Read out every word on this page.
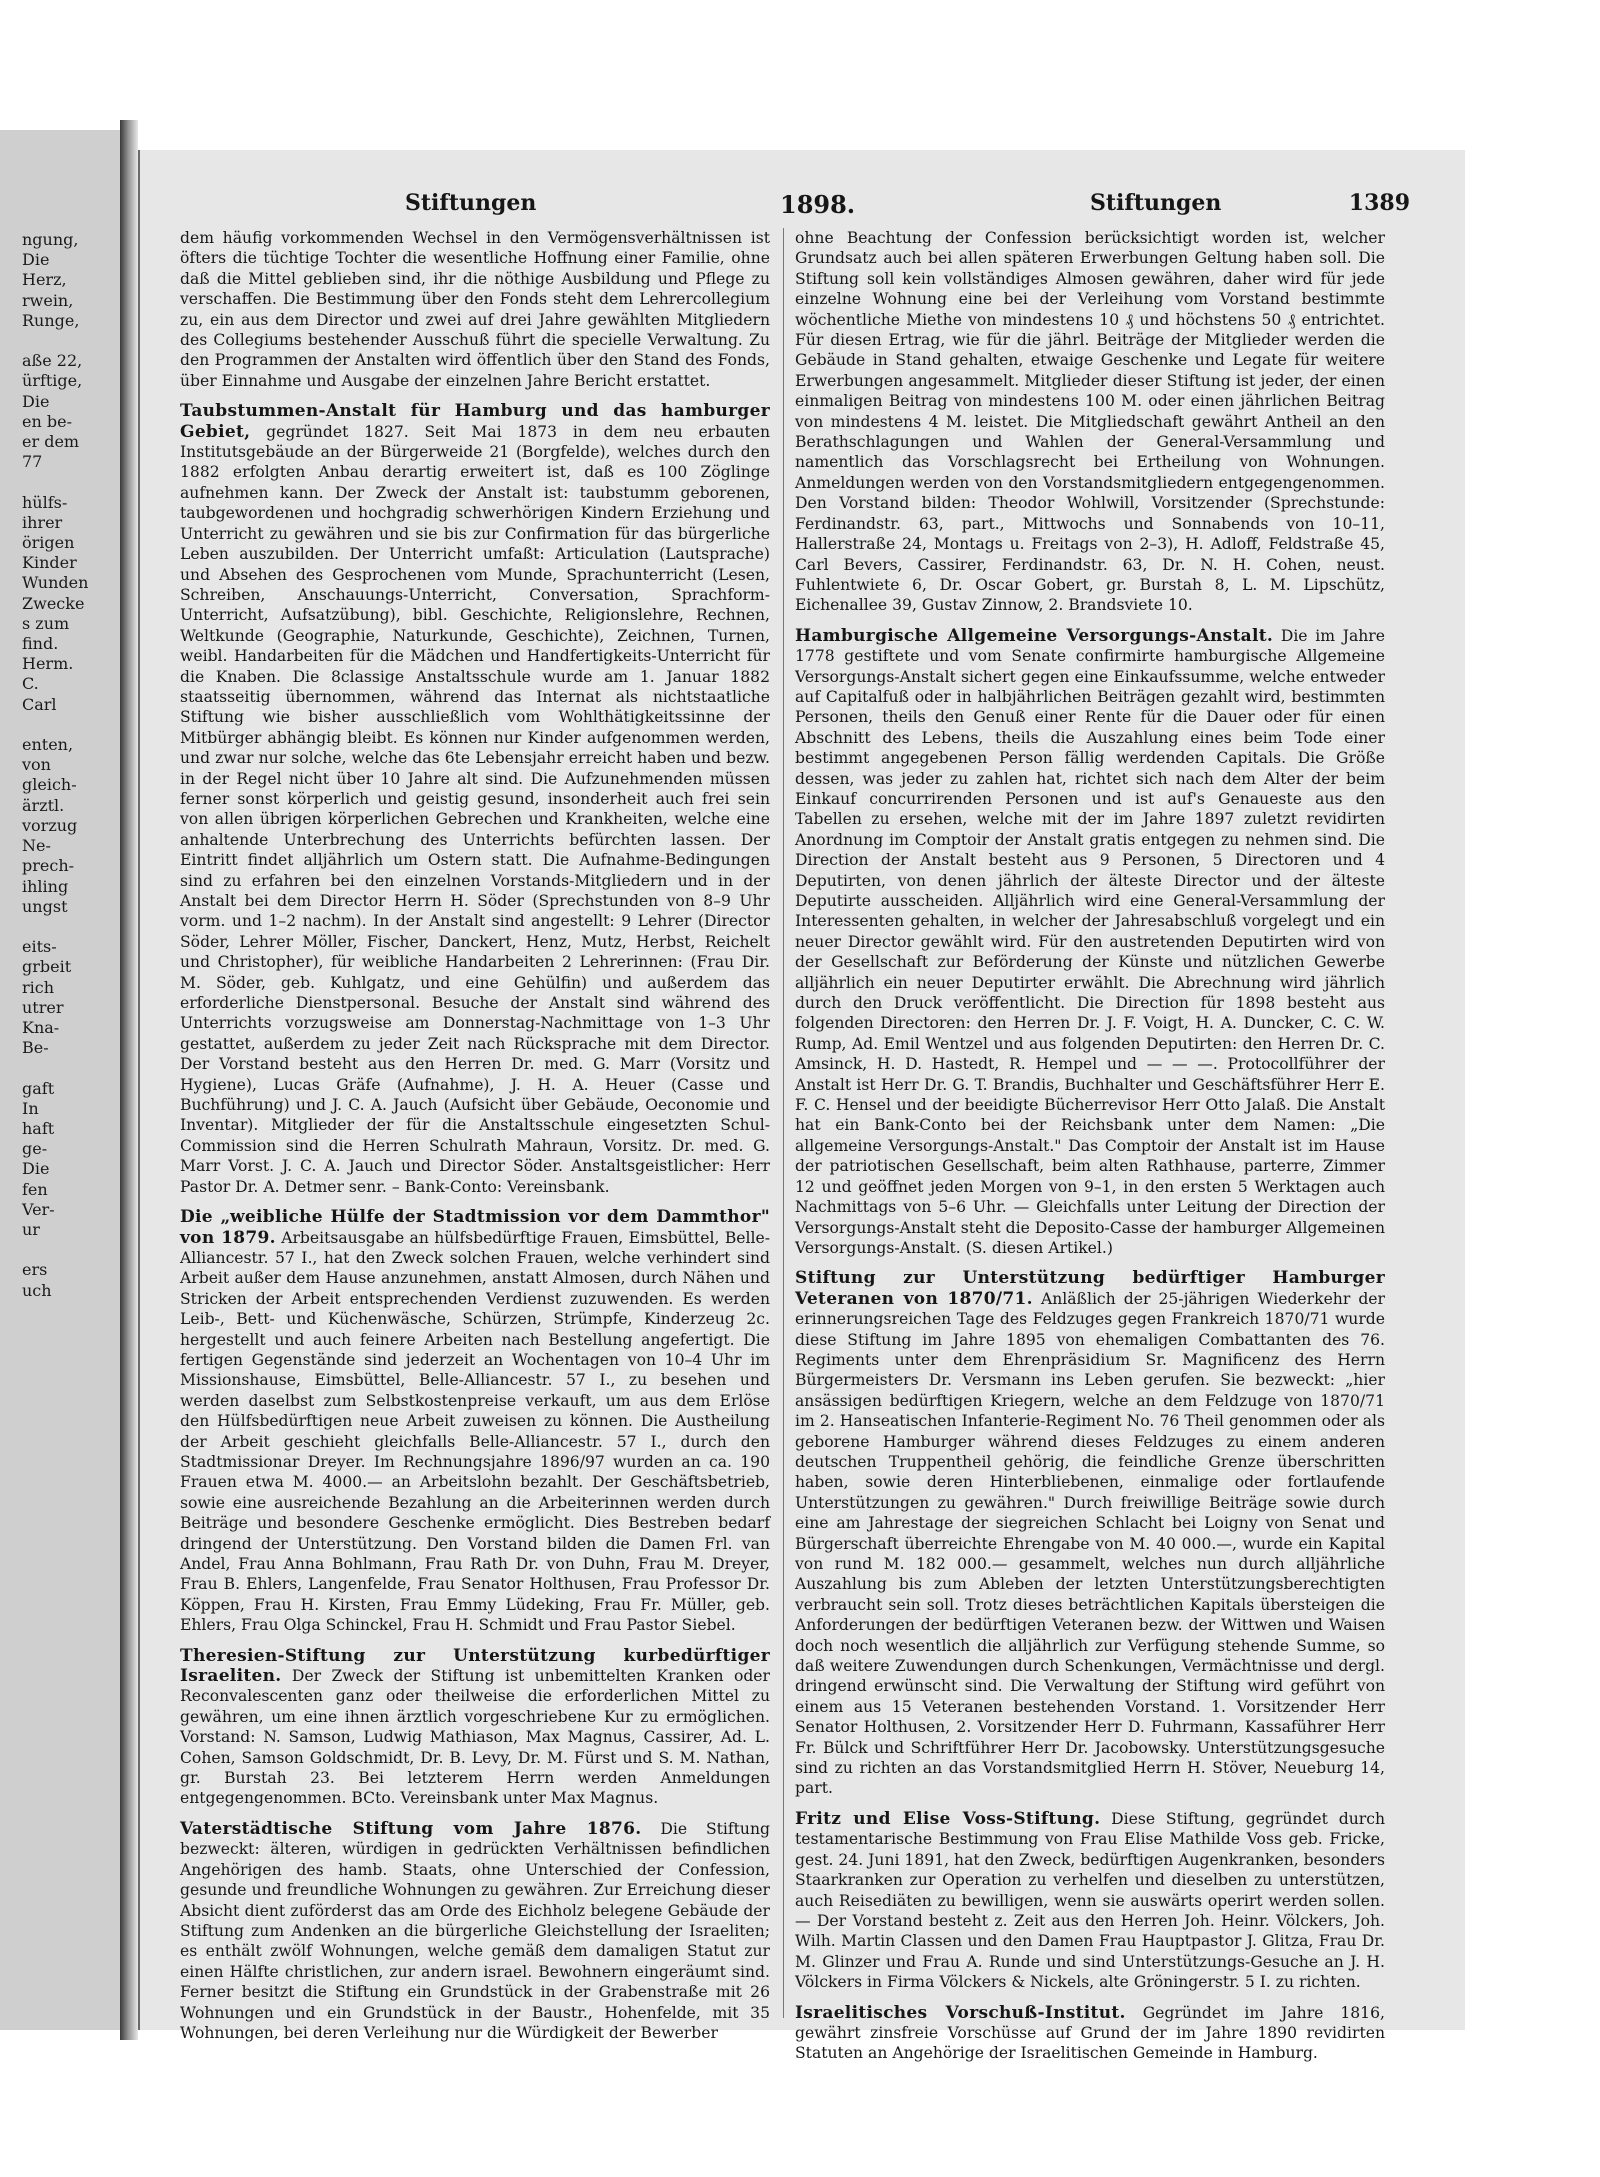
ngung,
Die
Herz,
rwein,
Runge,

aße 22,
ürftige,
Die
en be-
er dem
77

hülfs-
ihrer
örigen
Kinder
Wunden
Zwecke
s zum
find.
Herm.
C.
Carl

enten,
von
gleich-
ärztl.
vorzug
Ne-
prech-
ihling
ungst

eits-
grbeit
rich
utrer
Kna-
Be-

gaft
In
haft
ge-
Die
fen
Ver-
ur

ers
uch
Stiftungen	1898.	Stiftungen	1389

dem häufig vorkommenden Wechsel in den Vermögensverhältnissen ist öfters die tüchtige Tochter die wesentliche Hoffnung einer Familie, ohne daß die Mittel geblieben sind, ihr die nöthige Ausbildung und Pflege zu verschaffen. Die Bestimmung über den Fonds steht dem Lehrercollegium zu, ein aus dem Director und zwei auf drei Jahre gewählten Mitgliedern des Collegiums bestehender Ausschuß führt die specielle Verwaltung. Zu den Programmen der Anstalten wird öffentlich über den Stand des Fonds, über Einnahme und Ausgabe der einzelnen Jahre Bericht erstattet.

Taubstummen-Anstalt für Hamburg und das hamburger Gebiet, gegründet 1827. Seit Mai 1873 in dem neu erbauten Institutsgebäude an der Bürgerweide 21 (Borgfelde), welches durch den 1882 erfolgten Anbau derartig erweitert ist, daß es 100 Zöglinge aufnehmen kann. Der Zweck der Anstalt ist: taubstumm geborenen, taubgewordenen und hochgradig schwerhörigen Kindern Erziehung und Unterricht zu gewähren und sie bis zur Confirmation für das bürgerliche Leben auszubilden. Der Unterricht umfaßt: Articulation (Lautsprache) und Absehen des Gesprochenen vom Munde, Sprachunterricht (Lesen, Schreiben, Anschauungs-Unterricht, Conversation, Sprachform-Unterricht, Aufsatzübung), bibl. Geschichte, Religionslehre, Rechnen, Weltkunde (Geographie, Naturkunde, Geschichte), Zeichnen, Turnen, weibl. Handarbeiten für die Mädchen und Handfertigkeits-Unterricht für die Knaben. Die 8classige Anstaltsschule wurde am 1. Januar 1882 staatsseitig übernommen, während das Internat als nichtstaatliche Stiftung wie bisher ausschließlich vom Wohlthätigkeitssinne der Mitbürger abhängig bleibt. Es können nur Kinder aufgenommen werden, und zwar nur solche, welche das 6te Lebensjahr erreicht haben und bezw. in der Regel nicht über 10 Jahre alt sind. Die Aufzunehmenden müssen ferner sonst körperlich und geistig gesund, insonderheit auch frei sein von allen übrigen körperlichen Gebrechen und Krankheiten, welche eine anhaltende Unterbrechung des Unterrichts befürchten lassen. Der Eintritt findet alljährlich um Ostern statt. Die Aufnahme-Bedingungen sind zu erfahren bei den einzelnen Vorstands-Mitgliedern und in der Anstalt bei dem Director Herrn H. Söder (Sprechstunden von 8–9 Uhr vorm. und 1–2 nachm). In der Anstalt sind angestellt: 9 Lehrer (Director Söder, Lehrer Möller, Fischer, Danckert, Henz, Mutz, Herbst, Reichelt und Christopher), für weibliche Handarbeiten 2 Lehrerinnen: (Frau Dir. M. Söder, geb. Kuhlgatz, und eine Gehülfin) und außerdem das erforderliche Dienstpersonal. Besuche der Anstalt sind während des Unterrichts vorzugsweise am Donnerstag-Nachmittage von 1–3 Uhr gestattet, außerdem zu jeder Zeit nach Rücksprache mit dem Director. Der Vorstand besteht aus den Herren Dr. med. G. Marr (Vorsitz und Hygiene), Lucas Gräfe (Aufnahme), J. H. A. Heuer (Casse und Buchführung) und J. C. A. Jauch (Aufsicht über Gebäude, Oeconomie und Inventar). Mitglieder der für die Anstaltsschule eingesetzten Schul-Commission sind die Herren Schulrath Mahraun, Vorsitz. Dr. med. G. Marr Vorst. J. C. A. Jauch und Director Söder. Anstaltsgeistlicher: Herr Pastor Dr. A. Detmer senr. – Bank-Conto: Vereinsbank.

Die „weibliche Hülfe der Stadtmission vor dem Dammthor" von 1879. Arbeitsausgabe an hülfsbedürftige Frauen, Eimsbüttel, Belle-Alliancestr. 57 I., hat den Zweck solchen Frauen, welche verhindert sind Arbeit außer dem Hause anzunehmen, anstatt Almosen, durch Nähen und Stricken der Arbeit entsprechenden Verdienst zuzuwenden. Es werden Leib-, Bett- und Küchenwäsche, Schürzen, Strümpfe, Kinderzeug 2c. hergestellt und auch feinere Arbeiten nach Bestellung angefertigt. Die fertigen Gegenstände sind jederzeit an Wochentagen von 10–4 Uhr im Missionshause, Eimsbüttel, Belle-Alliancestr. 57 I., zu besehen und werden daselbst zum Selbstkostenpreise verkauft, um aus dem Erlöse den Hülfsbedürftigen neue Arbeit zuweisen zu können. Die Austheilung der Arbeit geschieht gleichfalls Belle-Alliancestr. 57 I., durch den Stadtmissionar Dreyer. Im Rechnungsjahre 1896/97 wurden an ca. 190 Frauen etwa M. 4000.— an Arbeitslohn bezahlt. Der Geschäftsbetrieb, sowie eine ausreichende Bezahlung an die Arbeiterinnen werden durch Beiträge und besondere Geschenke ermöglicht. Dies Bestreben bedarf dringend der Unterstützung. Den Vorstand bilden die Damen Frl. van Andel, Frau Anna Bohlmann, Frau Rath Dr. von Duhn, Frau M. Dreyer, Frau B. Ehlers, Langenfelde, Frau Senator Holthusen, Frau Professor Dr. Köppen, Frau H. Kirsten, Frau Emmy Lüdeking, Frau Fr. Müller, geb. Ehlers, Frau Olga Schinckel, Frau H. Schmidt und Frau Pastor Siebel.

Theresien-Stiftung zur Unterstützung kurbedürftiger Israeliten. Der Zweck der Stiftung ist unbemittelten Kranken oder Reconvalescenten ganz oder theilweise die erforderlichen Mittel zu gewähren, um eine ihnen ärztlich vorgeschriebene Kur zu ermöglichen. Vorstand: N. Samson, Ludwig Mathiason, Max Magnus, Cassirer, Ad. L. Cohen, Samson Goldschmidt, Dr. B. Levy, Dr. M. Fürst und S. M. Nathan, gr. Burstah 23. Bei letzterem Herrn werden Anmeldungen entgegengenommen. BCto. Vereinsbank unter Max Magnus.

Vaterstädtische Stiftung vom Jahre 1876. Die Stiftung bezweckt: älteren, würdigen in gedrückten Verhältnissen befindlichen Angehörigen des hamb. Staats, ohne Unterschied der Confession, gesunde und freundliche Wohnungen zu gewähren. Zur Erreichung dieser Absicht dient zuförderst das am Orde des Eichholz belegene Gebäude der Stiftung zum Andenken an die bürgerliche Gleichstellung der Israeliten; es enthält zwölf Wohnungen, welche gemäß dem damaligen Statut zur einen Hälfte christlichen, zur andern israel. Bewohnern eingeräumt sind. Ferner besitzt die Stiftung ein Grundstück in der Grabenstraße mit 26 Wohnungen und ein Grundstück in der Baustr., Hohenfelde, mit 35 Wohnungen, bei deren Verleihung nur die Würdigkeit der Bewerber

ohne Beachtung der Confession berücksichtigt worden ist, welcher Grundsatz auch bei allen späteren Erwerbungen Geltung haben soll. Die Stiftung soll kein vollständiges Almosen gewähren, daher wird für jede einzelne Wohnung eine bei der Verleihung vom Vorstand bestimmte wöchentliche Miethe von mindestens 10 ₰ und höchstens 50 ₰ entrichtet. Für diesen Ertrag, wie für die jährl. Beiträge der Mitglieder werden die Gebäude in Stand gehalten, etwaige Geschenke und Legate für weitere Erwerbungen angesammelt. Mitglieder dieser Stiftung ist jeder, der einen einmaligen Beitrag von mindestens 100 M. oder einen jährlichen Beitrag von mindestens 4 M. leistet. Die Mitgliedschaft gewährt Antheil an den Berathschlagungen und Wahlen der General-Versammlung und namentlich das Vorschlagsrecht bei Ertheilung von Wohnungen. Anmeldungen werden von den Vorstandsmitgliedern entgegengenommen. Den Vorstand bilden: Theodor Wohlwill, Vorsitzender (Sprechstunde: Ferdinandstr. 63, part., Mittwochs und Sonnabends von 10–11, Hallerstraße 24, Montags u. Freitags von 2–3), H. Adloff, Feldstraße 45, Carl Bevers, Cassirer, Ferdinandstr. 63, Dr. N. H. Cohen, neust. Fuhlentwiete 6, Dr. Oscar Gobert, gr. Burstah 8, L. M. Lipschütz, Eichenallee 39, Gustav Zinnow, 2. Brandsviete 10.

Hamburgische Allgemeine Versorgungs-Anstalt. Die im Jahre 1778 gestiftete und vom Senate confirmirte hamburgische Allgemeine Versorgungs-Anstalt sichert gegen eine Einkaufssumme, welche entweder auf Capitalfuß oder in halbjährlichen Beiträgen gezahlt wird, bestimmten Personen, theils den Genuß einer Rente für die Dauer oder für einen Abschnitt des Lebens, theils die Auszahlung eines beim Tode einer bestimmt angegebenen Person fällig werdenden Capitals. Die Größe dessen, was jeder zu zahlen hat, richtet sich nach dem Alter der beim Einkauf concurrirenden Personen und ist auf's Genaueste aus den Tabellen zu ersehen, welche mit der im Jahre 1897 zuletzt revidirten Anordnung im Comptoir der Anstalt gratis entgegen zu nehmen sind. Die Direction der Anstalt besteht aus 9 Personen, 5 Directoren und 4 Deputirten, von denen jährlich der älteste Director und der älteste Deputirte ausscheiden. Alljährlich wird eine General-Versammlung der Interessenten gehalten, in welcher der Jahresabschluß vorgelegt und ein neuer Director gewählt wird. Für den austretenden Deputirten wird von der Gesellschaft zur Beförderung der Künste und nützlichen Gewerbe alljährlich ein neuer Deputirter erwählt. Die Abrechnung wird jährlich durch den Druck veröffentlicht. Die Direction für 1898 besteht aus folgenden Directoren: den Herren Dr. J. F. Voigt, H. A. Duncker, C. C. W. Rump, Ad. Emil Wentzel und aus folgenden Deputirten: den Herren Dr. C. Amsinck, H. D. Hastedt, R. Hempel und — — —. Protocollführer der Anstalt ist Herr Dr. G. T. Brandis, Buchhalter und Geschäftsführer Herr E. F. C. Hensel und der beeidigte Bücherrevisor Herr Otto Jalaß. Die Anstalt hat ein Bank-Conto bei der Reichsbank unter dem Namen: „Die allgemeine Versorgungs-Anstalt." Das Comptoir der Anstalt ist im Hause der patriotischen Gesellschaft, beim alten Rathhause, parterre, Zimmer 12 und geöffnet jeden Morgen von 9–1, in den ersten 5 Werktagen auch Nachmittags von 5–6 Uhr. — Gleichfalls unter Leitung der Direction der Versorgungs-Anstalt steht die Deposito-Casse der hamburger Allgemeinen Versorgungs-Anstalt. (S. diesen Artikel.)

Stiftung zur Unterstützung bedürftiger Hamburger Veteranen von 1870/71. Anläßlich der 25-jährigen Wiederkehr der erinnerungsreichen Tage des Feldzuges gegen Frankreich 1870/71 wurde diese Stiftung im Jahre 1895 von ehemaligen Combattanten des 76. Regiments unter dem Ehrenpräsidium Sr. Magnificenz des Herrn Bürgermeisters Dr. Versmann ins Leben gerufen. Sie bezweckt: „hier ansässigen bedürftigen Kriegern, welche an dem Feldzuge von 1870/71 im 2. Hanseatischen Infanterie-Regiment No. 76 Theil genommen oder als geborene Hamburger während dieses Feldzuges zu einem anderen deutschen Truppentheil gehörig, die feindliche Grenze überschritten haben, sowie deren Hinterbliebenen, einmalige oder fortlaufende Unterstützungen zu gewähren." Durch freiwillige Beiträge sowie durch eine am Jahrestage der siegreichen Schlacht bei Loigny von Senat und Bürgerschaft überreichte Ehrengabe von M. 40 000.—, wurde ein Kapital von rund M. 182 000.— gesammelt, welches nun durch alljährliche Auszahlung bis zum Ableben der letzten Unterstützungsberechtigten verbraucht sein soll. Trotz dieses beträchtlichen Kapitals übersteigen die Anforderungen der bedürftigen Veteranen bezw. der Wittwen und Waisen doch noch wesentlich die alljährlich zur Verfügung stehende Summe, so daß weitere Zuwendungen durch Schenkungen, Vermächtnisse und dergl. dringend erwünscht sind. Die Verwaltung der Stiftung wird geführt von einem aus 15 Veteranen bestehenden Vorstand. 1. Vorsitzender Herr Senator Holthusen, 2. Vorsitzender Herr D. Fuhrmann, Kassaführer Herr Fr. Bülck und Schriftführer Herr Dr. Jacobowsky. Unterstützungsgesuche sind zu richten an das Vorstandsmitglied Herrn H. Stöver, Neueburg 14, part.

Fritz und Elise Voss-Stiftung. Diese Stiftung, gegründet durch testamentarische Bestimmung von Frau Elise Mathilde Voss geb. Fricke, gest. 24. Juni 1891, hat den Zweck, bedürftigen Augenkranken, besonders Staarkranken zur Operation zu verhelfen und dieselben zu unterstützen, auch Reisediäten zu bewilligen, wenn sie auswärts operirt werden sollen. — Der Vorstand besteht z. Zeit aus den Herren Joh. Heinr. Völckers, Joh. Wilh. Martin Classen und den Damen Frau Hauptpastor J. Glitza, Frau Dr. M. Glinzer und Frau A. Runde und sind Unterstützungs-Gesuche an J. H. Völckers in Firma Völckers & Nickels, alte Gröningerstr. 5 I. zu richten.

Israelitisches Vorschuß-Institut. Gegründet im Jahre 1816, gewährt zinsfreie Vorschüsse auf Grund der im Jahre 1890 revidirten Statuten an Angehörige der Israelitischen Gemeinde in Hamburg.
